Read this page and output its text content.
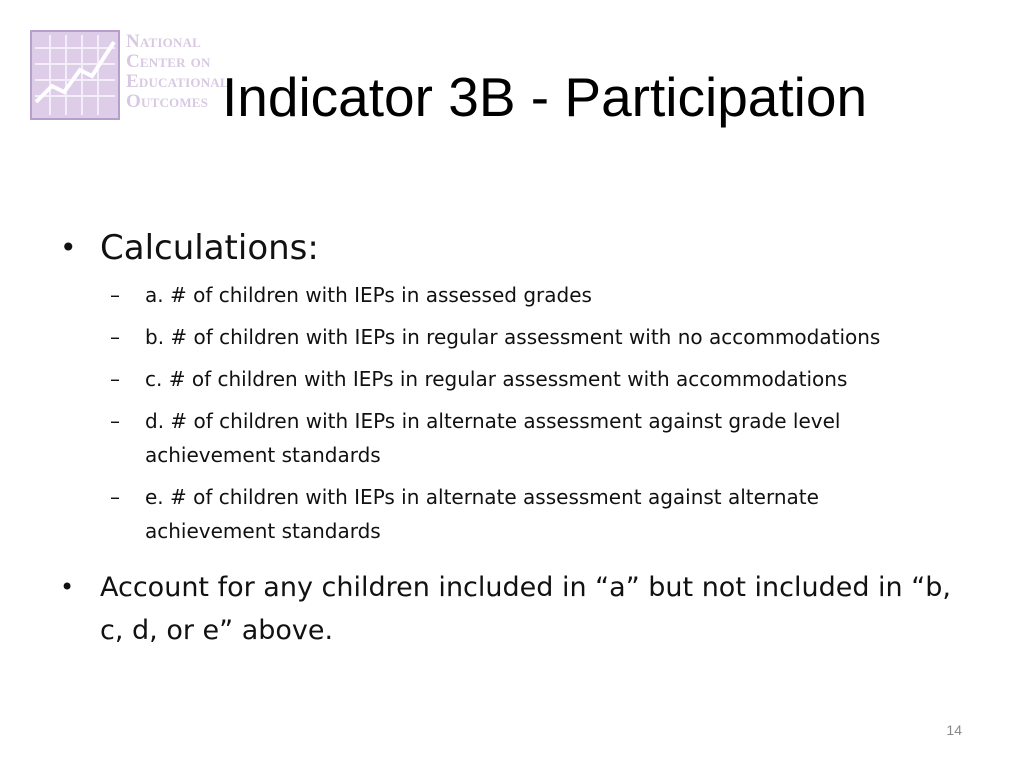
National
Center on
Educational
Outcomes Indicator 3B - Participation
• Calculations:
– a. # of children with IEPs in assessed grades
– b. # of children with IEPs in regular assessment with no accommodations
– c. # of children with IEPs in regular assessment with accommodations
– d. # of children with IEPs in alternate assessment against grade level achievement standards
– e. # of children with IEPs in alternate assessment against alternate achievement standards
• Account for any children included in “a” but not included in “b, c, d, or e” above.
14
